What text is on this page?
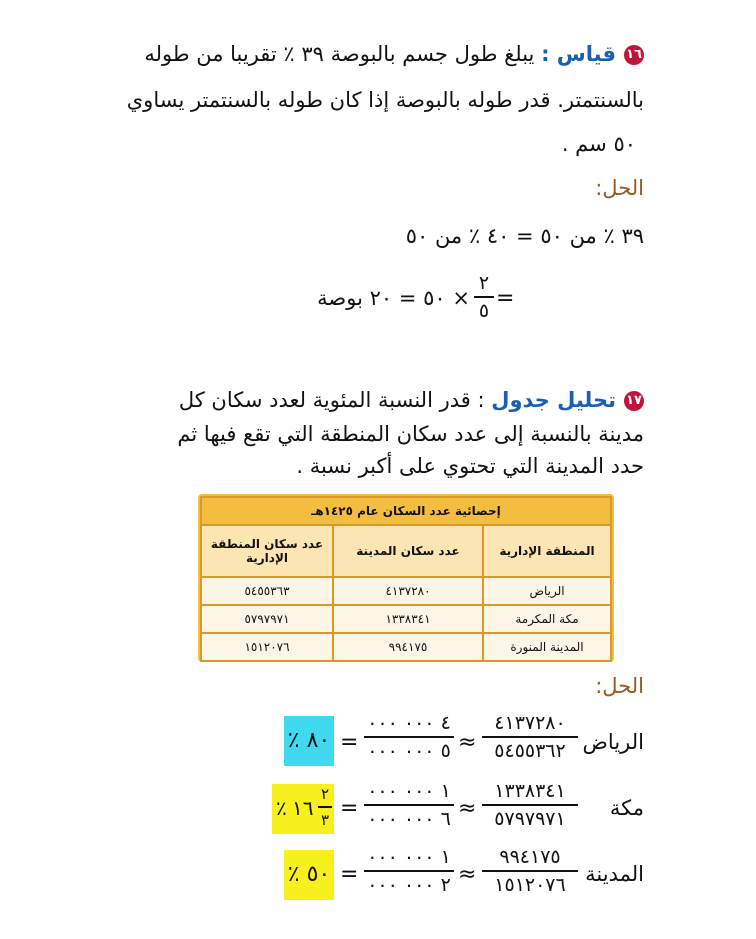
١٦قياس : يبلغ طول جسم بالبوصة ٣٩ ٪ تقريبا من طوله
بالسنتمتر. قدر طوله بالبوصة إذا كان طوله بالسنتمتر يساوي
٥٠ سم .
الحل:
٣٩ ٪ من ٥٠ = ٤٠ ٪ من ٥٠
=
٢
٥
× ٥٠ = ٢٠ بوصة
١٧تحليل جدول : قدر النسبة المئوية لعدد سكان كل
مدينة بالنسبة إلى عدد سكان المنطقة التي تقع فيها ثم
حدد المدينة التي تحتوي على أكبر نسبة .
إحصائية عدد السكان عام ١٤٢٥هـ		
المنطقة الإدارية	عدد سكان المدينة	عدد سكان المنطقة الإدارية
الرياض	٤١٣٧٢٨٠	٥٤٥٥٣٦٣
مكة المكرمة	١٣٣٨٣٤١	٥٧٩٧٩٧١
المدينة المنورة	٩٩٤١٧٥	١٥١٢٠٧٦
الحل:
الرياض
٤١٣٧٢٨٠
٥٤٥٥٣٦٢
≈
٤ ٠٠٠ ٠٠٠
٥ ٠٠٠ ٠٠٠
=
٨٠ ٪
مكة
١٣٣٨٣٤١
٥٧٩٧٩٧١
≈
١ ٠٠٠ ٠٠٠
٦ ٠٠٠ ٠٠٠
=
٪ ١٦
٢
٣
المدينة
٩٩٤١٧٥
١٥١٢٠٧٦
≈
١ ٠٠٠ ٠٠٠
٢ ٠٠٠ ٠٠٠
=
٥٠ ٪
